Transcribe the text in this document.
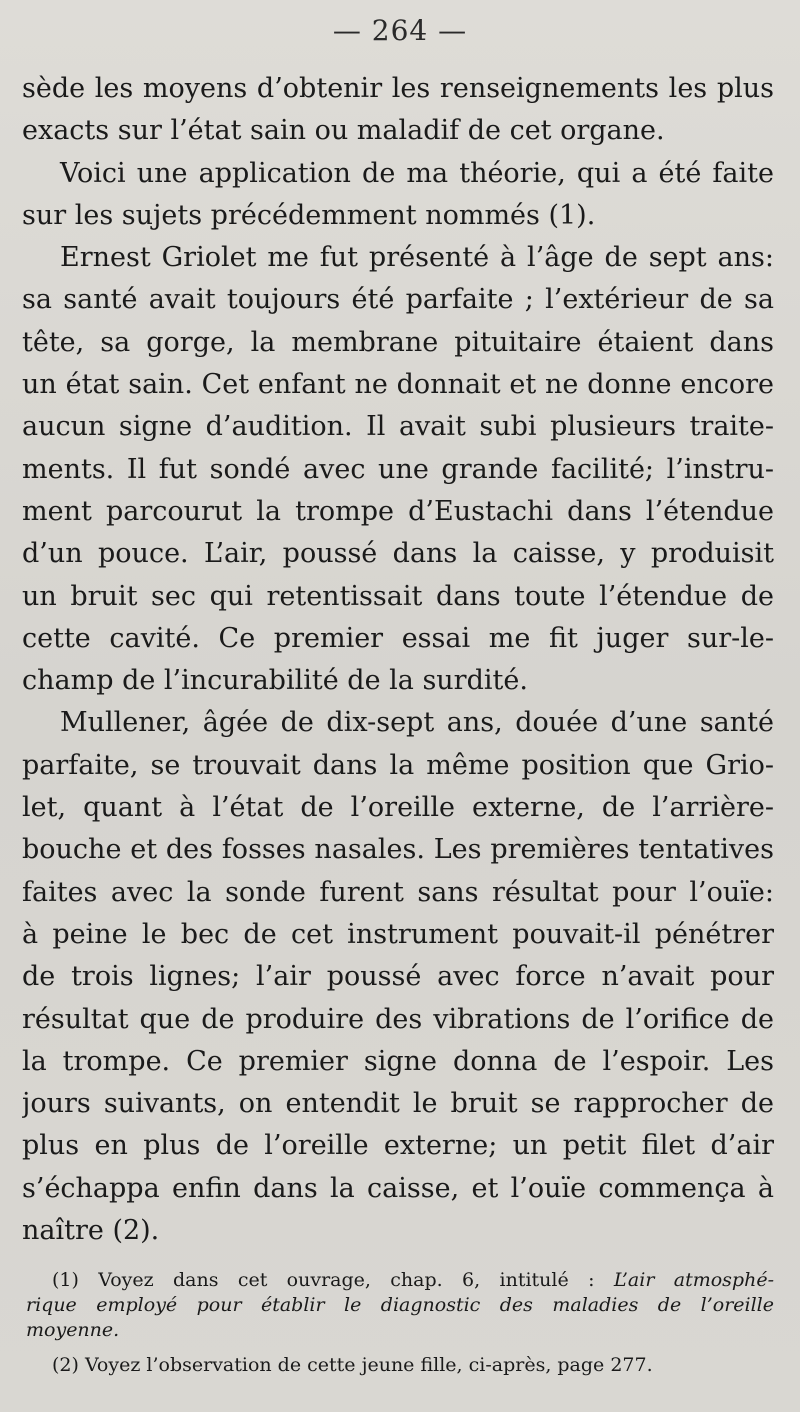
— 264 —
sède les moyens d’obtenir les renseignements les plus
exacts sur l’état sain ou maladif de cet organe.
Voici une application de ma théorie, qui a été faite
sur les sujets précédemment nommés (1).
Ernest Griolet me fut présenté à l’âge de sept ans:
sa santé avait toujours été parfaite ; l’extérieur de sa
tête, sa gorge, la membrane pituitaire étaient dans
un état sain. Cet enfant ne donnait et ne donne encore
aucun signe d’audition. Il avait subi plusieurs traite-
ments. Il fut sondé avec une grande facilité; l’instru-
ment parcourut la trompe d’Eustachi dans l’étendue
d’un pouce. L’air, poussé dans la caisse, y produisit
un bruit sec qui retentissait dans toute l’étendue de
cette cavité. Ce premier essai me fit juger sur-le-
champ de l’incurabilité de la surdité.
Mullener, âgée de dix-sept ans, douée d’une santé
parfaite, se trouvait dans la même position que Grio-
let, quant à l’état de l’oreille externe, de l’arrière-
bouche et des fosses nasales. Les premières tentatives
faites avec la sonde furent sans résultat pour l’ouïe:
à peine le bec de cet instrument pouvait-il pénétrer
de trois lignes; l’air poussé avec force n’avait pour
résultat que de produire des vibrations de l’orifice de
la trompe. Ce premier signe donna de l’espoir. Les
jours suivants, on entendit le bruit se rapprocher de
plus en plus de l’oreille externe; un petit filet d’air
s’échappa enfin dans la caisse, et l’ouïe commença à
naître (2).
(1) Voyez dans cet ouvrage, chap. 6, intitulé : L’air atmosphé-
rique employé pour établir le diagnostic des maladies de l’oreille
moyenne.
(2) Voyez l’observation de cette jeune fille, ci-après, page 277.
